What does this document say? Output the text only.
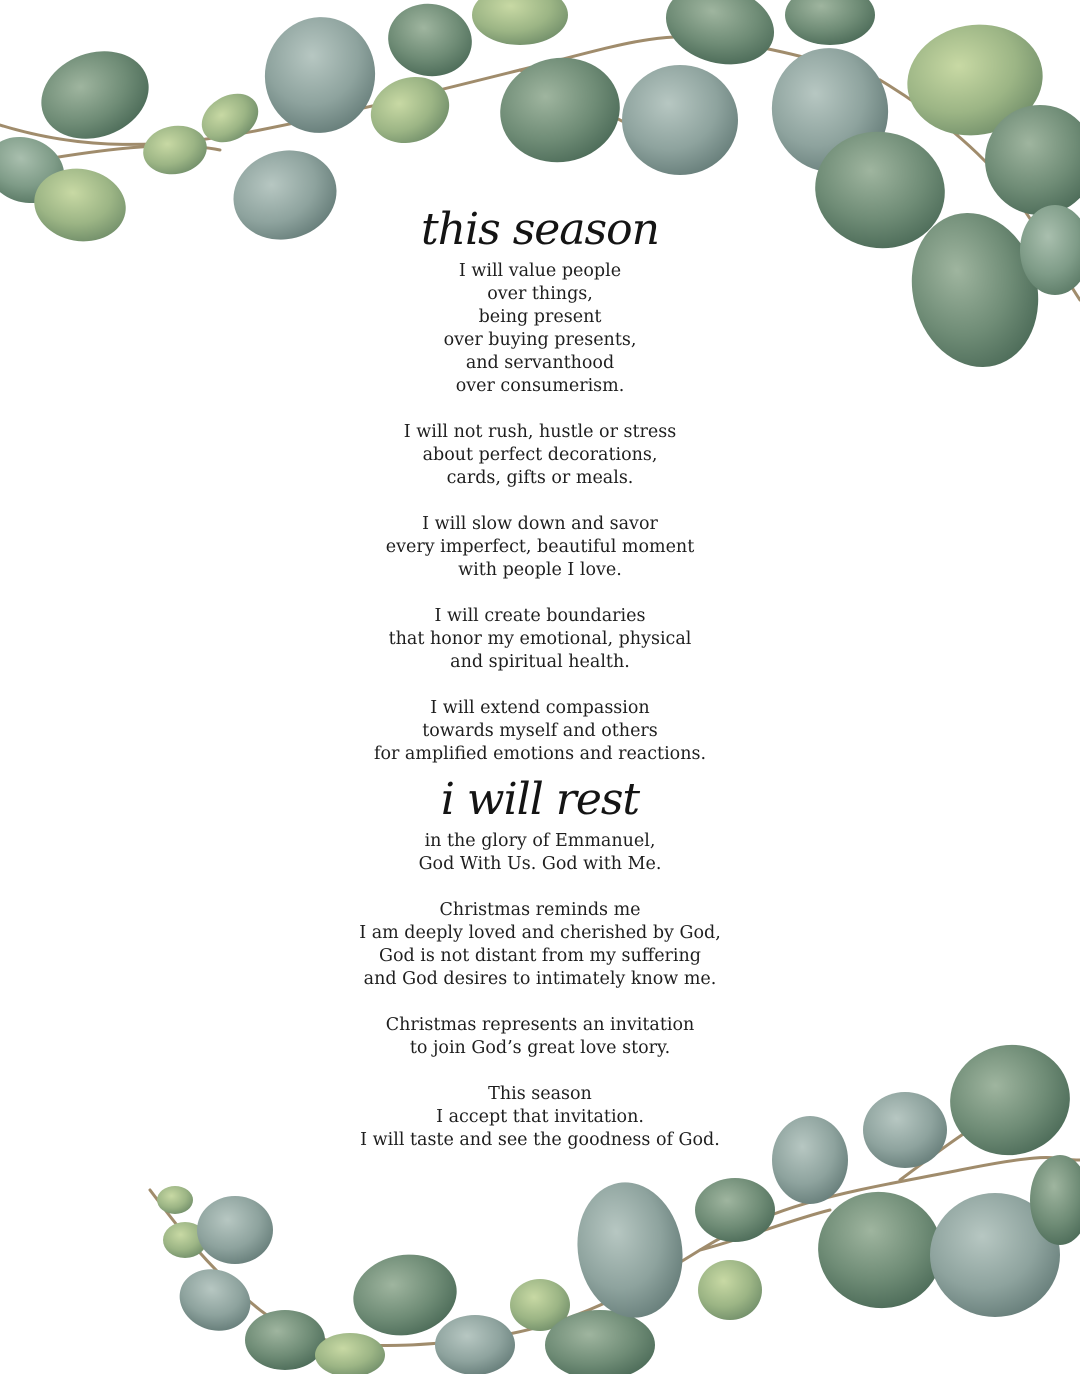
this season

I will value people
over things,
being present
over buying presents,
and servanthood
over consumerism.

I will not rush, hustle or stress
about perfect decorations,
cards, gifts or meals.

I will slow down and savor
every imperfect, beautiful moment
with people I love.

I will create boundaries
that honor my emotional, physical
and spiritual health.

I will extend compassion
towards myself and others
for amplified emotions and reactions.

i will rest

in the glory of Emmanuel,
God With Us. God with Me.

Christmas reminds me
I am deeply loved and cherished by God,
God is not distant from my suffering
and God desires to intimately know me.

Christmas represents an invitation
to join God’s great love story.

This season
I accept that invitation.
I will taste and see the goodness of God.
